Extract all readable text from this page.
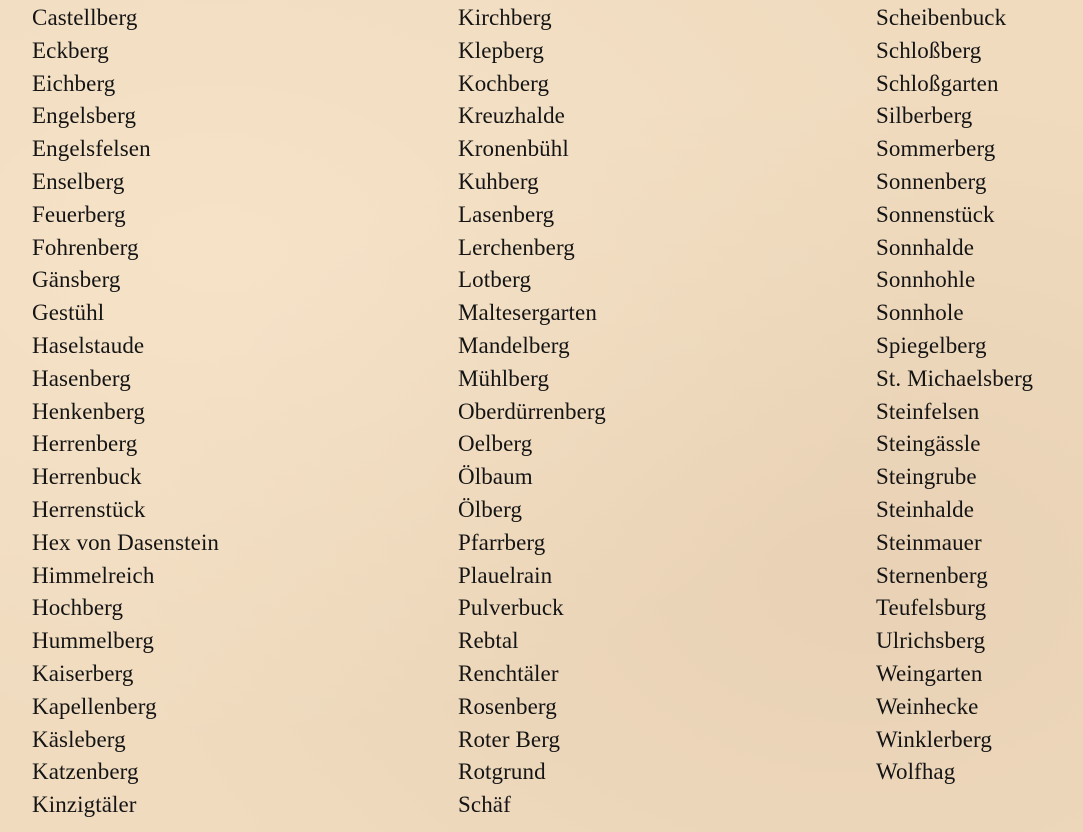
Castellberg
Eckberg
Eichberg
Engelsberg
Engelsfelsen
Enselberg
Feuerberg
Fohrenberg
Gänsberg
Gestühl
Haselstaude
Hasenberg
Henkenberg
Herrenberg
Herrenbuck
Herrenstück
Hex von Dasenstein
Himmelreich
Hochberg
Hummelberg
Kaiserberg
Kapellenberg
Käsleberg
Katzenberg
Kinzigtäler
Kirchberg
Klepberg
Kochberg
Kreuzhalde
Kronenbühl
Kuhberg
Lasenberg
Lerchenberg
Lotberg
Maltesergarten
Mandelberg
Mühlberg
Oberdürrenberg
Oelberg
Ölbaum
Ölberg
Pfarrberg
Plauelrain
Pulverbuck
Rebtal
Renchtäler
Rosenberg
Roter Berg
Rotgrund
Schäf
Scheibenbuck
Schloßberg
Schloßgarten
Silberberg
Sommerberg
Sonnenberg
Sonnenstück
Sonnhalde
Sonnhohle
Sonnhole
Spiegelberg
St. Michaelsberg
Steinfelsen
Steingässle
Steingrube
Steinhalde
Steinmauer
Sternenberg
Teufelsburg
Ulrichsberg
Weingarten
Weinhecke
Winklerberg
Wolfhag
